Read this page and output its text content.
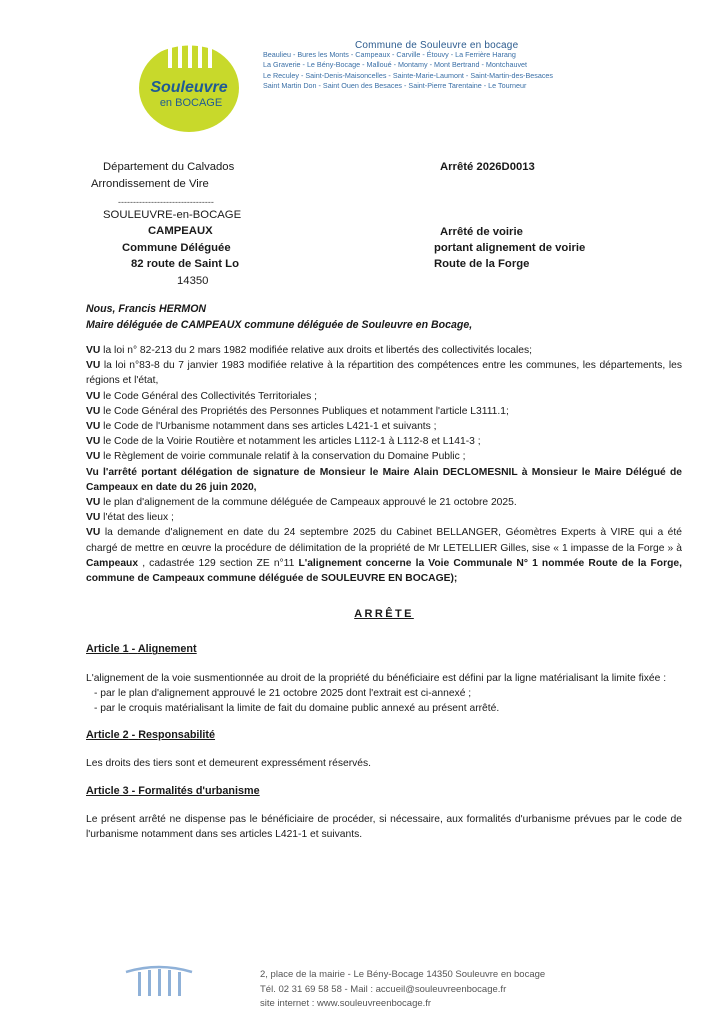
Souleuvre
en BOCAGE
Commune de Souleuvre en bocage
Beaulieu - Bures les Monts - Campeaux - Carville - Étouvy - La Ferrière Harang
La Graverie - Le Bény-Bocage - Malloué - Montamy - Mont Bertrand - Montchauvet
Le Reculey - Saint-Denis-Maisoncelles - Sainte-Marie-Laumont - Saint-Martin-des-Besaces
Saint Martin Don - Saint Ouen des Besaces - Saint-Pierre Tarentaine - Le Tourneur
Département du Calvados
Arrondissement de Vire
--------------------------------
SOULEUVRE-en-BOCAGE
CAMPEAUX
Commune Déléguée
82 route de Saint Lo
14350
Arrêté 2026D0013
Arrêté de voirie
portant alignement de voirie
Route de la Forge
Nous, Francis HERMON
Maire déléguée de CAMPEAUX commune déléguée de Souleuvre en Bocage,

VU la loi n° 82-213 du 2 mars 1982 modifiée relative aux droits et libertés des collectivités locales;

VU la loi n°83-8 du 7 janvier 1983 modifiée relative à la répartition des compétences entre les communes, les départements, les régions et l'état,

VU le Code Général des Collectivités Territoriales ;

VU le Code Général des Propriétés des Personnes Publiques et notamment l'article L3111.1;

VU le Code de l'Urbanisme notamment dans ses articles L421-1 et suivants ;

VU le Code de la Voirie Routière et notamment les articles L112-1 à L112-8 et L141-3 ;

VU le Règlement de voirie communale relatif à la conservation du Domaine Public ;

Vu l'arrêté portant délégation de signature de Monsieur le Maire Alain DECLOMESNIL à Monsieur le Maire Délégué de Campeaux en date du 26 juin 2020,

VU le plan d'alignement de la commune déléguée de Campeaux approuvé le 21 octobre 2025.

VU l'état des lieux ;

VU la demande d'alignement en date du 24 septembre 2025 du Cabinet BELLANGER, Géomètres Experts à VIRE qui a été chargé de mettre en œuvre la procédure de délimitation de la propriété de Mr LETELLIER Gilles, sise « 1 impasse de la Forge » à Campeaux , cadastrée 129 section ZE n°11 L'alignement concerne la Voie Communale N° 1 nommée Route de la Forge, commune de Campeaux commune déléguée de SOULEUVRE EN BOCAGE);

ARRÊTE
Article 1 - Alignement

L'alignement de la voie susmentionnée au droit de la propriété du bénéficiaire est défini par la ligne matérialisant la limite fixée :

- par le plan d'alignement approuvé le 21 octobre 2025 dont l'extrait est ci-annexé ;

- par le croquis matérialisant la limite de fait du domaine public annexé au présent arrêté.

Article 2 - Responsabilité

Les droits des tiers sont et demeurent expressément réservés.

Article 3 - Formalités d'urbanisme

Le présent arrêté ne dispense pas le bénéficiaire de procéder, si nécessaire, aux formalités d'urbanisme prévues par le code de l'urbanisme notamment dans ses articles L421-1 et suivants.

2, place de la mairie - Le Bény-Bocage 14350 Souleuvre en bocage
Tél. 02 31 69 58 58 - Mail : accueil@souleuvreenbocage.fr
site internet : www.souleuvreenbocage.fr
